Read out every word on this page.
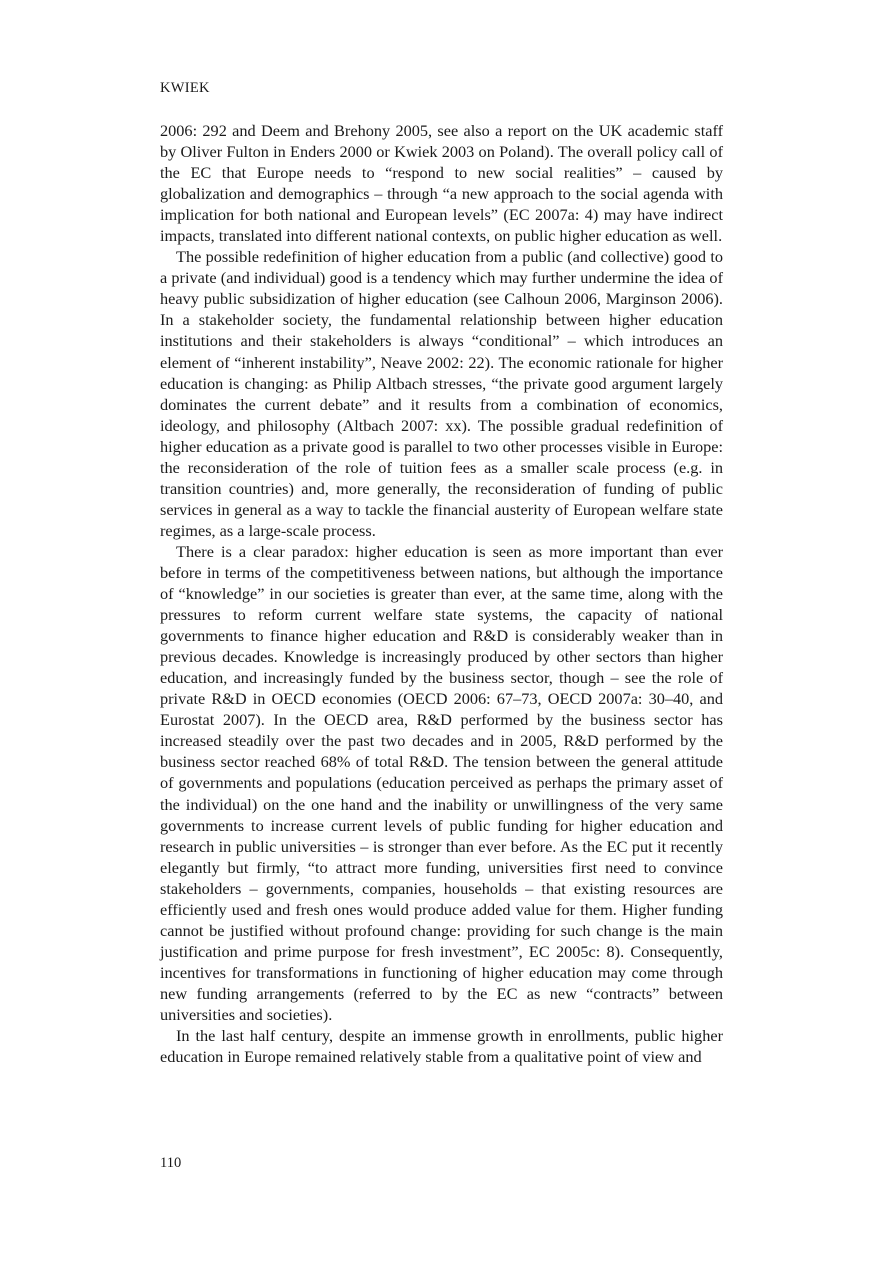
KWIEK

2006: 292 and Deem and Brehony 2005, see also a report on the UK academic staff by Oliver Fulton in Enders 2000 or Kwiek 2003 on Poland). The overall policy call of the EC that Europe needs to “respond to new social realities” – caused by globalization and demographics – through “a new approach to the social agenda with implication for both national and European levels” (EC 2007a: 4) may have indirect impacts, translated into different national contexts, on public higher education as well.

The possible redefinition of higher education from a public (and collective) good to a private (and individual) good is a tendency which may further undermine the idea of heavy public subsidization of higher education (see Calhoun 2006, Marginson 2006). In a stakeholder society, the fundamental relationship between higher education institutions and their stakeholders is always “conditional” – which introduces an element of “inherent instability”, Neave 2002: 22). The economic rationale for higher education is changing: as Philip Altbach stresses, “the private good argument largely dominates the current debate” and it results from a combination of economics, ideology, and philosophy (Altbach 2007: xx). The possible gradual redefinition of higher education as a private good is parallel to two other processes visible in Europe: the reconsideration of the role of tuition fees as a smaller scale process (e.g. in transition countries) and, more generally, the reconsideration of funding of public services in general as a way to tackle the financial austerity of European welfare state regimes, as a large-scale process.

There is a clear paradox: higher education is seen as more important than ever before in terms of the competitiveness between nations, but although the importance of “knowledge” in our societies is greater than ever, at the same time, along with the pressures to reform current welfare state systems, the capacity of national governments to finance higher education and R&D is considerably weaker than in previous decades. Knowledge is increasingly produced by other sectors than higher education, and increasingly funded by the business sector, though – see the role of private R&D in OECD economies (OECD 2006: 67–73, OECD 2007a: 30–40, and Eurostat 2007). In the OECD area, R&D performed by the business sector has increased steadily over the past two decades and in 2005, R&D performed by the business sector reached 68% of total R&D. The tension between the general attitude of governments and populations (education perceived as perhaps the primary asset of the individual) on the one hand and the inability or unwillingness of the very same governments to increase current levels of public funding for higher education and research in public universities – is stronger than ever before. As the EC put it recently elegantly but firmly, “to attract more funding, universities first need to convince stakeholders – governments, companies, households – that existing resources are efficiently used and fresh ones would produce added value for them. Higher funding cannot be justified without profound change: providing for such change is the main justification and prime purpose for fresh investment”, EC 2005c: 8). Consequently, incentives for transformations in functioning of higher education may come through new funding arrangements (referred to by the EC as new “contracts” between universities and societies).

In the last half century, despite an immense growth in enrollments, public higher education in Europe remained relatively stable from a qualitative point of view and

110
